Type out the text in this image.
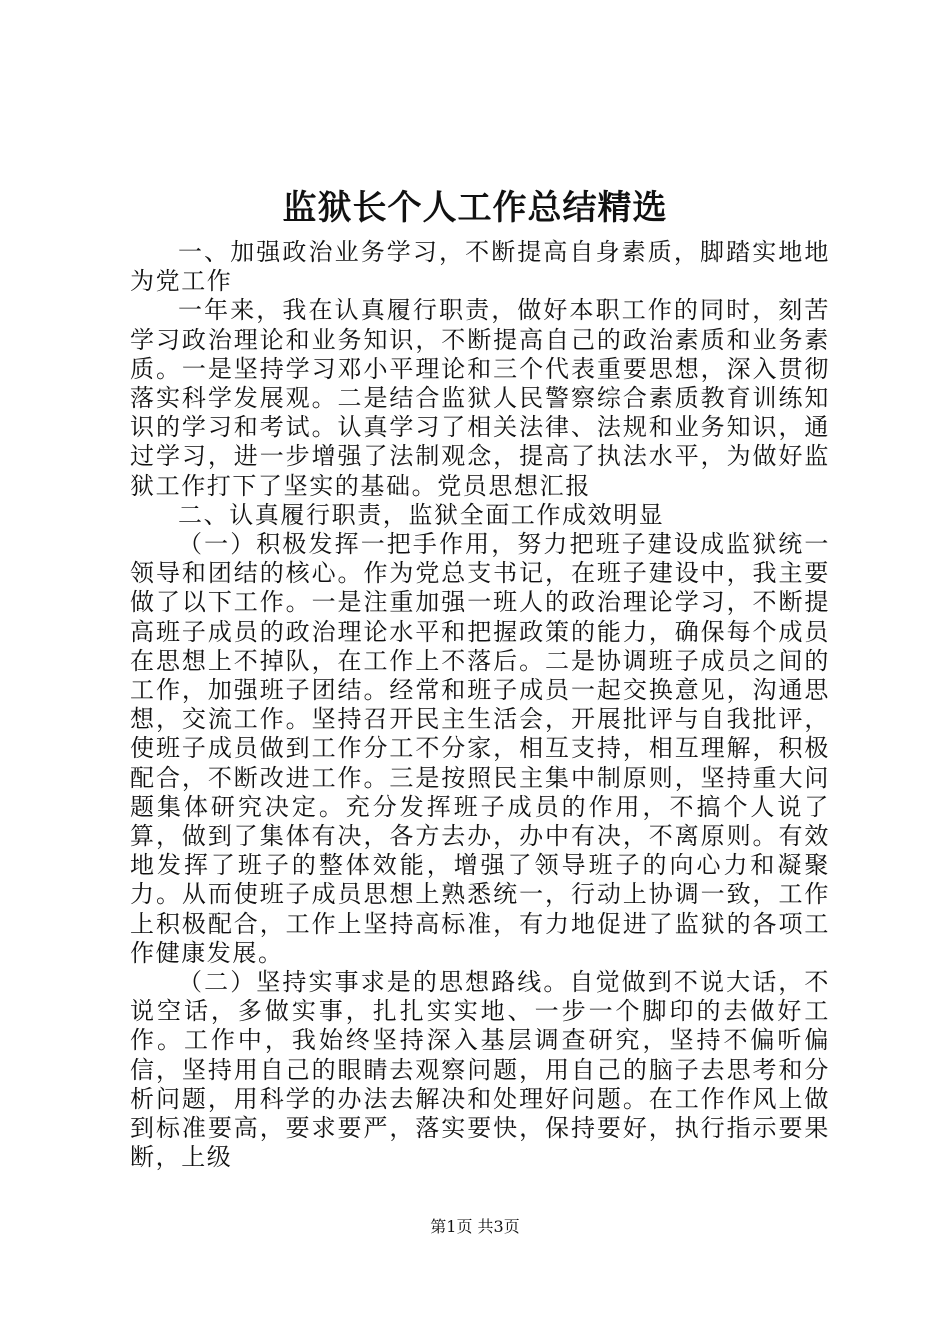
监狱长个人工作总结精选

一、加强政治业务学习，不断提高自身素质，脚踏实地地为党工作

一年来，我在认真履行职责，做好本职工作的同时，刻苦学习政治理论和业务知识，不断提高自己的政治素质和业务素质。一是坚持学习邓小平理论和三个代表重要思想，深入贯彻落实科学发展观。二是结合监狱人民警察综合素质教育训练知识的学习和考试。认真学习了相关法律、法规和业务知识，通过学习，进一步增强了法制观念，提高了执法水平，为做好监狱工作打下了坚实的基础。党员思想汇报

二、认真履行职责，监狱全面工作成效明显

（一）积极发挥一把手作用，努力把班子建设成监狱统一领导和团结的核心。作为党总支书记，在班子建设中，我主要做了以下工作。一是注重加强一班人的政治理论学习，不断提高班子成员的政治理论水平和把握政策的能力，确保每个成员在思想上不掉队，在工作上不落后。二是协调班子成员之间的工作，加强班子团结。经常和班子成员一起交换意见，沟通思想，交流工作。坚持召开民主生活会，开展批评与自我批评，使班子成员做到工作分工不分家，相互支持，相互理解，积极配合，不断改进工作。三是按照民主集中制原则，坚持重大问题集体研究决定。充分发挥班子成员的作用，不搞个人说了算，做到了集体有决，各方去办，办中有决，不离原则。有效地发挥了班子的整体效能，增强了领导班子的向心力和凝聚力。从而使班子成员思想上熟悉统一，行动上协调一致，工作上积极配合，工作上坚持高标准，有力地促进了监狱的各项工作健康发展。

（二）坚持实事求是的思想路线。自觉做到不说大话，不说空话，多做实事，扎扎实实地、一步一个脚印的去做好工作。工作中，我始终坚持深入基层调查研究，坚持不偏听偏信，坚持用自己的眼睛去观察问题，用自己的脑子去思考和分析问题，用科学的办法去解决和处理好问题。在工作作风上做到标准要高，要求要严，落实要快，保持要好，执行指示要果断，上级

第1页 共3页
